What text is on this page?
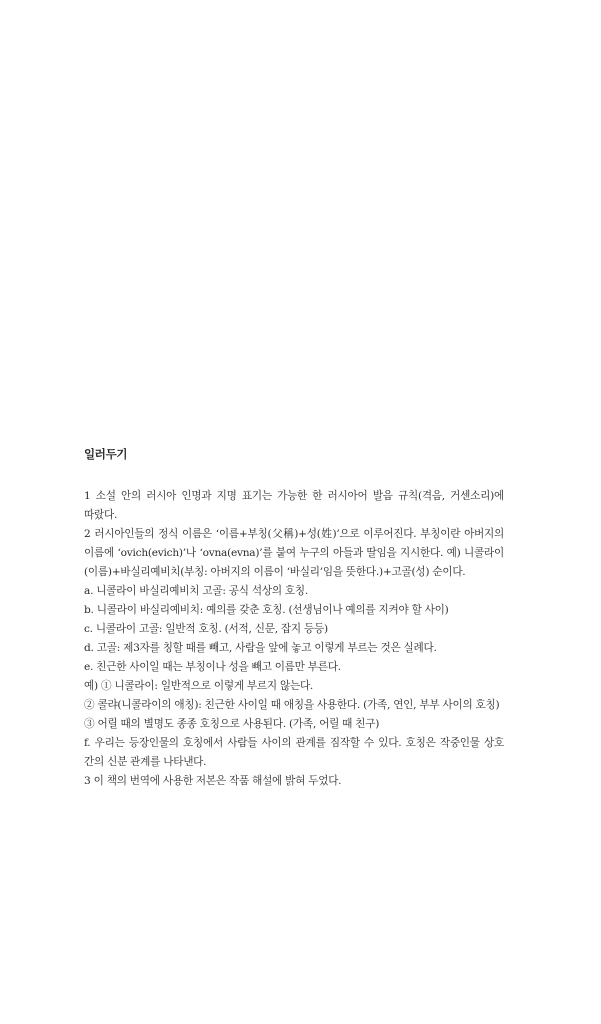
일러두기

1 소설 안의 러시아 인명과 지명 표기는 가능한 한 러시아어 발음 규칙(격음, 거센소리)에 따랐다.

2 러시아인들의 정식 이름은 ‘이름+부칭(父稱)+성(姓)’으로 이루어진다. 부칭이란 아버지의 이름에 ‘ovich(evich)’나 ‘ovna(evna)’를 붙여 누구의 아들과 딸임을 지시한다. 예) 니콜라이(이름)+바실리예비치(부칭: 아버지의 이름이 ‘바실리’임을 뜻한다.)+고골(성) 순이다.

a. 니콜라이 바실리예비치 고골: 공식 석상의 호칭.

b. 니콜라이 바실리예비치: 예의를 갖춘 호칭. (선생님이나 예의를 지켜야 할 사이)

c. 니콜라이 고골: 일반적 호칭. (서적, 신문, 잡지 등등)

d. 고골: 제3자를 칭할 때를 빼고, 사람을 앞에 놓고 이렇게 부르는 것은 실례다.

e. 친근한 사이일 때는 부칭이나 성을 빼고 이름만 부른다.

예) ① 니콜라이: 일반적으로 이렇게 부르지 않는다.

② 콜랴(니콜라이의 애칭): 친근한 사이일 때 애칭을 사용한다. (가족, 연인, 부부 사이의 호칭)

③ 어릴 때의 별명도 종종 호칭으로 사용된다. (가족, 어릴 때 친구)

f. 우리는 등장인물의 호칭에서 사람들 사이의 관계를 짐작할 수 있다. 호칭은 작중인물 상호 간의 신분 관계를 나타낸다.

3 이 책의 번역에 사용한 저본은 작품 해설에 밝혀 두었다.
